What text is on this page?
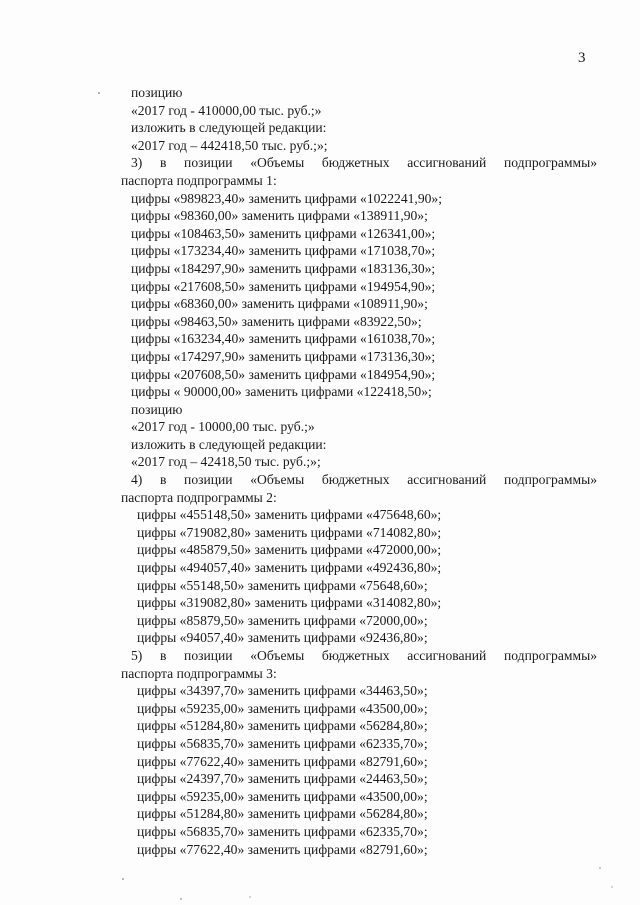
3
позицию
«2017 год - 410000,00 тыс. руб.;»
изложить в следующей редакции:
«2017 год – 442418,50 тыс. руб.;»;
3) в позиции «Объемы бюджетных ассигнований подпрограммы»
паспорта подпрограммы 1:
цифры «989823,40» заменить цифрами «1022241,90»;
цифры «98360,00» заменить цифрами «138911,90»;
цифры «108463,50» заменить цифрами «126341,00»;
цифры «173234,40» заменить цифрами «171038,70»;
цифры «184297,90» заменить цифрами «183136,30»;
цифры «217608,50» заменить цифрами «194954,90»;
цифры «68360,00» заменить цифрами «108911,90»;
цифры «98463,50» заменить цифрами «83922,50»;
цифры «163234,40» заменить цифрами «161038,70»;
цифры «174297,90» заменить цифрами «173136,30»;
цифры «207608,50» заменить цифрами «184954,90»;
цифры « 90000,00» заменить цифрами «122418,50»;
позицию
«2017 год - 10000,00 тыс. руб.;»
изложить в следующей редакции:
«2017 год – 42418,50 тыс. руб.;»;
4) в позиции «Объемы бюджетных ассигнований подпрограммы»
паспорта подпрограммы 2:
цифры «455148,50» заменить цифрами «475648,60»;
цифры «719082,80» заменить цифрами «714082,80»;
цифры «485879,50» заменить цифрами «472000,00»;
цифры «494057,40» заменить цифрами «492436,80»;
цифры «55148,50» заменить цифрами «75648,60»;
цифры «319082,80» заменить цифрами «314082,80»;
цифры «85879,50» заменить цифрами «72000,00»;
цифры «94057,40» заменить цифрами «92436,80»;
5) в позиции «Объемы бюджетных ассигнований подпрограммы»
паспорта подпрограммы 3:
цифры «34397,70» заменить цифрами «34463,50»;
цифры «59235,00» заменить цифрами «43500,00»;
цифры «51284,80» заменить цифрами «56284,80»;
цифры «56835,70» заменить цифрами «62335,70»;
цифры «77622,40» заменить цифрами «82791,60»;
цифры «24397,70» заменить цифрами «24463,50»;
цифры «59235,00» заменить цифрами «43500,00»;
цифры «51284,80» заменить цифрами «56284,80»;
цифры «56835,70» заменить цифрами «62335,70»;
цифры «77622,40» заменить цифрами «82791,60»;
